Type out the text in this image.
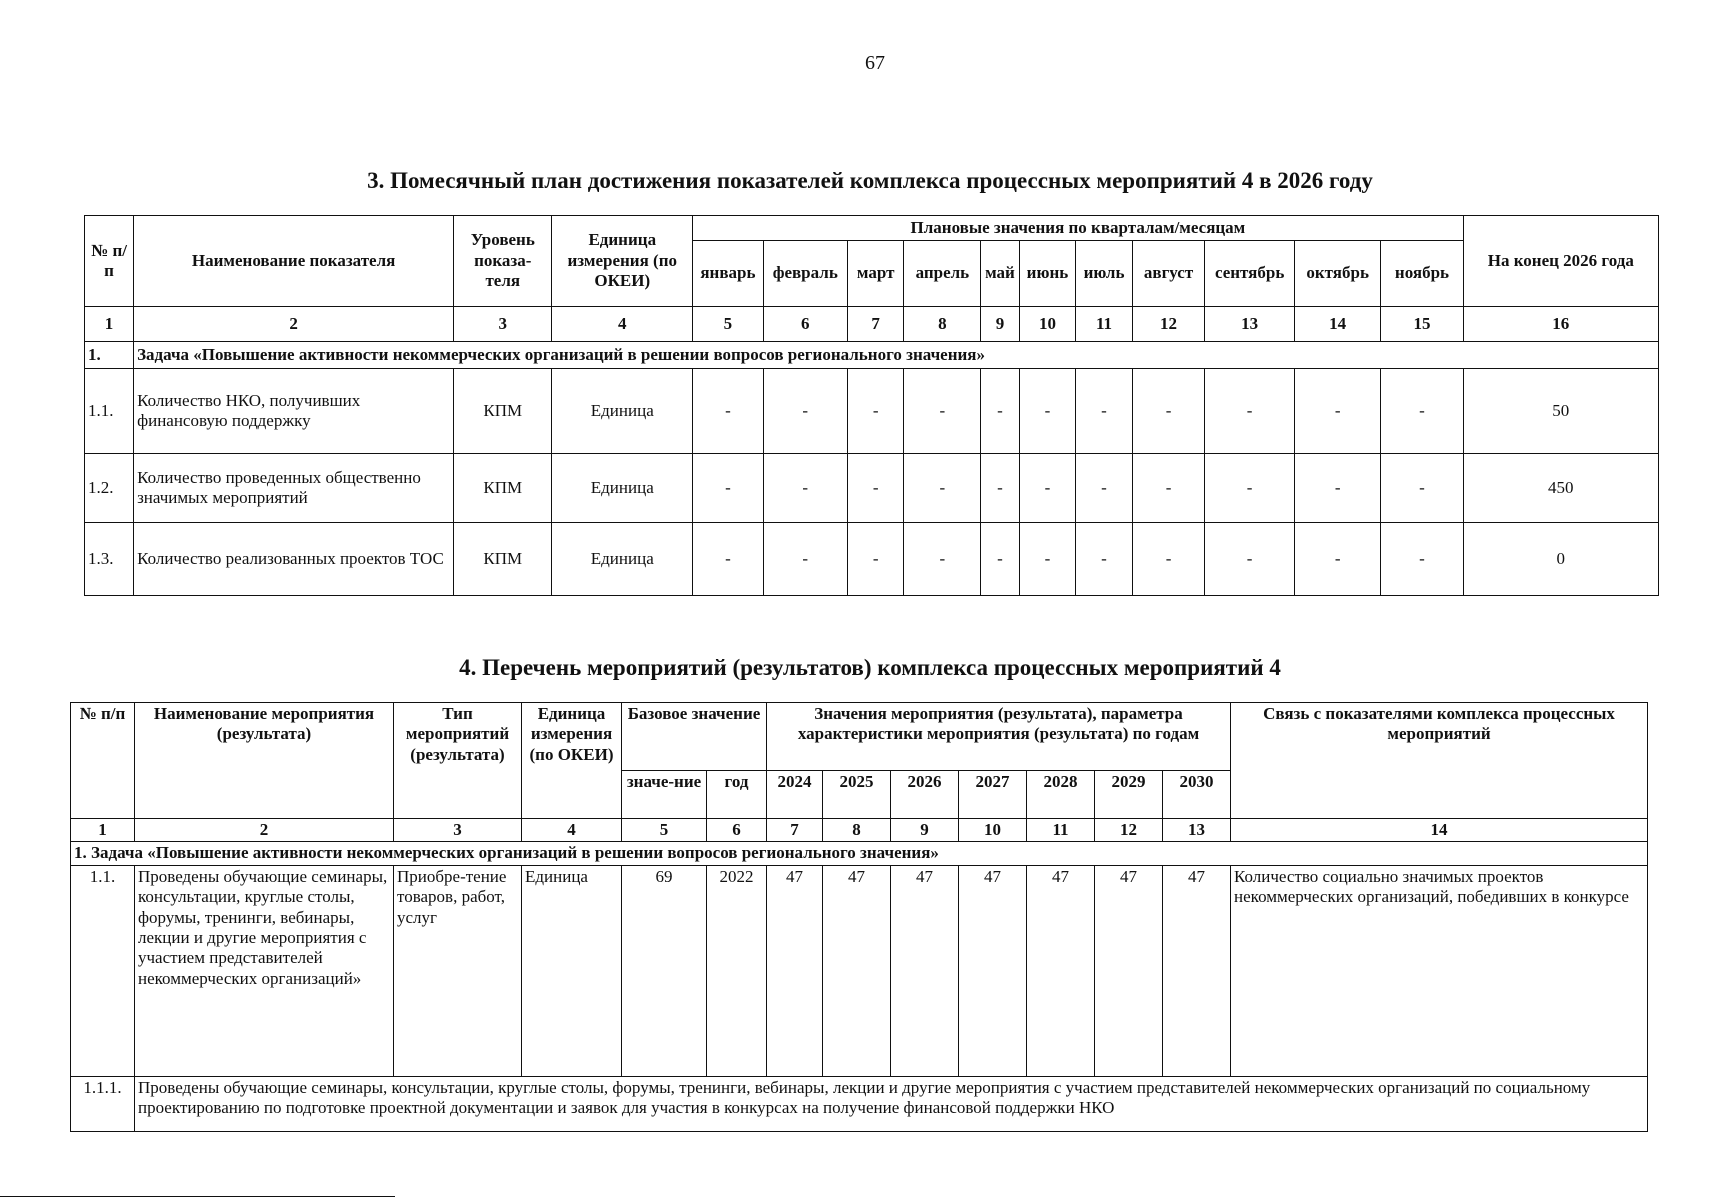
67
3. Помесячный план достижения показателей комплекса процессных мероприятий 4 в 2026 году
№ п/п	Наименование показателя	Уровень показа-теля	Единица измерения (по ОКЕИ)	Плановые значения по кварталам/месяцам											На конец 2026 года
				январь	февраль	март	апрель	май	июнь	июль	август	сентябрь	октябрь	ноябрь	
1	2	3	4	5	6	7	8	9	10	11	12	13	14	15	16
1.	Задача «Повышение активности некоммерческих организаций в решении вопросов регионального значения»														
1.1.	Количество НКО, получивших финансовую поддержку	КПМ	Единица	-	-	-	-	-	-	-	-	-	-	-	50
1.2.	Количество проведенных общественно значимых мероприятий	КПМ	Единица	-	-	-	-	-	-	-	-	-	-	-	450
1.3.	Количество реализованных проектов ТОС	КПМ	Единица	-	-	-	-	-	-	-	-	-	-	-	0
4. Перечень мероприятий (результатов) комплекса процессных мероприятий 4
№ п/п	Наименование мероприятия (результата)	Тип мероприятий (результата)	Единица измерения (по ОКЕИ)	Базовое значение		Значения мероприятия (результата), параметра характеристики мероприятия (результата) по годам							Связь с показателями комплекса процессных мероприятий
				значе-ние	год	2024	2025	2026	2027	2028	2029	2030	
1	2	3	4	5	6	7	8	9	10	11	12	13	14
1. Задача «Повышение активности некоммерческих организаций в решении вопросов регионального значения»													
1.1.	Проведены обучающие семинары, консультации, круглые столы, форумы, тренинги, вебинары, лекции и другие мероприятия с участием представителей некоммерческих организаций»	Приобре-тение товаров, работ, услуг	Единица	69	2022	47	47	47	47	47	47	47	Количество социально значимых проектов некоммерческих организаций, победивших в конкурсе
1.1.1.	Проведены обучающие семинары, консультации, круглые столы, форумы, тренинги, вебинары, лекции и другие мероприятия с участием представителей некоммерческих организаций по социальному проектированию по подготовке проектной документации и заявок для участия в конкурсах на получение финансовой поддержки НКО												
